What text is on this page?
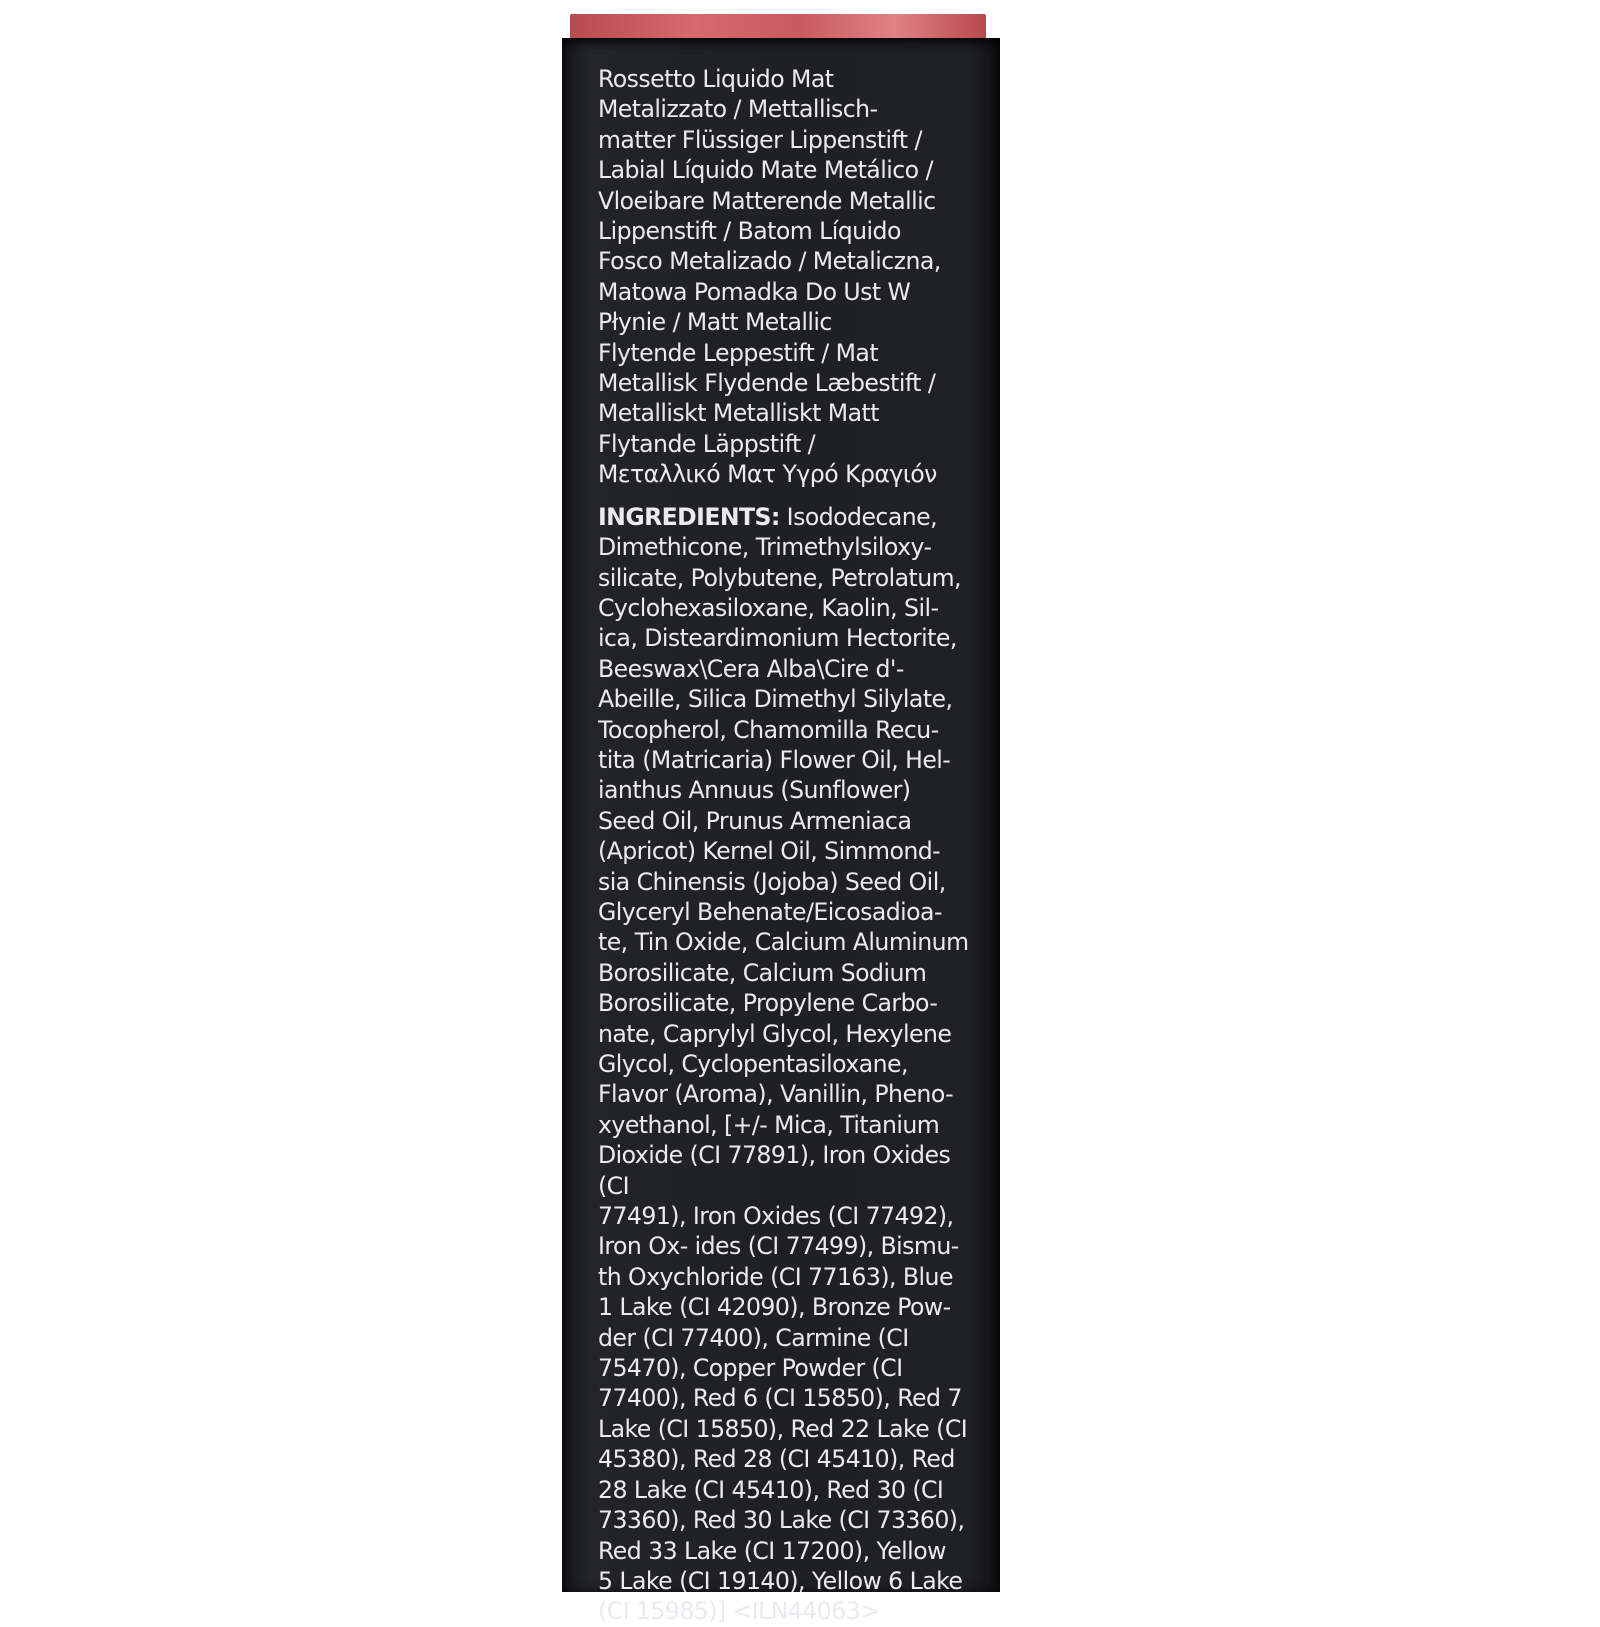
Rossetto Liquido Mat
Metalizzato / Mettallisch-
matter Flüssiger Lippenstift /
Labial Líquido Mate Metálico /
Vloeibare Matterende Metallic
Lippenstift / Batom Líquido
Fosco Metalizado / Metaliczna,
Matowa Pomadka Do Ust W
Płynie / Matt Metallic
Flytende Leppestift / Mat
Metallisk Flydende Læbestift /
Metalliskt Metalliskt Matt
Flytande Läppstift /
Μεταλλικό Ματ Υγρό Κραγιόν
INGREDIENTS: Isododecane,
Dimethicone, Trimethylsiloxy-
silicate, Polybutene, Petrolatum,
Cyclohexasiloxane, Kaolin, Sil-
ica, Disteardimonium Hectorite,
Beeswax\Cera Alba\Cire d'-
Abeille, Silica Dimethyl Silylate,
Tocopherol, Chamomilla Recu-
tita (Matricaria) Flower Oil, Hel-
ianthus Annuus (Sunflower)
Seed Oil, Prunus Armeniaca
(Apricot) Kernel Oil, Simmond-
sia Chinensis (Jojoba) Seed Oil,
Glyceryl Behenate/Eicosadioa-
te, Tin Oxide, Calcium Aluminum
Borosilicate, Calcium Sodium
Borosilicate, Propylene Carbo-
nate, Caprylyl Glycol, Hexylene
Glycol, Cyclopentasiloxane,
Flavor (Aroma), Vanillin, Pheno-
xyethanol, [+/- Mica, Titanium
Dioxide (CI 77891), Iron Oxides (CI
77491), Iron Oxides (CI 77492),
Iron Ox- ides (CI 77499), Bismu-
th Oxychloride (CI 77163), Blue
1 Lake (CI 42090), Bronze Pow-
der (CI 77400), Carmine (CI
75470), Copper Powder (CI
77400), Red 6 (CI 15850), Red 7
Lake (CI 15850), Red 22 Lake (CI
45380), Red 28 (CI 45410), Red
28 Lake (CI 45410), Red 30 (CI
73360), Red 30 Lake (CI 73360),
Red 33 Lake (CI 17200), Yellow
5 Lake (CI 19140), Yellow 6 Lake
(CI 15985)] <ILN44063>
